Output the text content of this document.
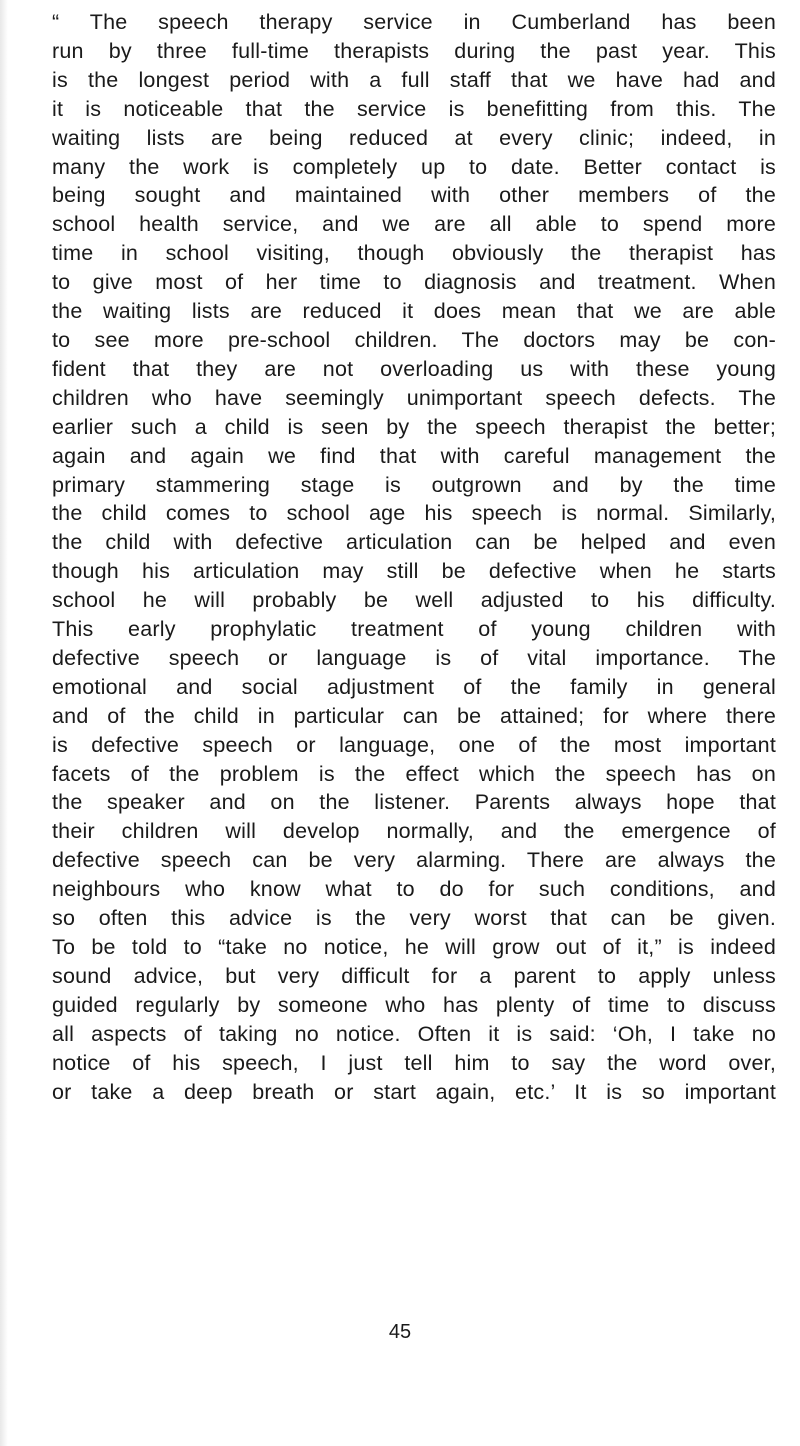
“ The speech therapy service in Cumberland has been
run by three full-time therapists during the past year. This
is the longest period with a full staff that we have had and
it is noticeable that the service is benefitting from this. The
waiting lists are being reduced at every clinic; indeed, in
many the work is completely up to date. Better contact is
being sought and maintained with other members of the
school health service, and we are all able to spend more
time in school visiting, though obviously the therapist has
to give most of her time to diagnosis and treatment. When
the waiting lists are reduced it does mean that we are able
to see more pre-school children. The doctors may be con-
fident that they are not overloading us with these young
children who have seemingly unimportant speech defects. The
earlier such a child is seen by the speech therapist the better;
again and again we find that with careful management the
primary stammering stage is outgrown and by the time
the child comes to school age his speech is normal. Similarly,
the child with defective articulation can be helped and even
though his articulation may still be defective when he starts
school he will probably be well adjusted to his difficulty.
This early prophylatic treatment of young children with
defective speech or language is of vital importance. The
emotional and social adjustment of the family in general
and of the child in particular can be attained; for where there
is defective speech or language, one of the most important
facets of the problem is the effect which the speech has on
the speaker and on the listener. Parents always hope that
their children will develop normally, and the emergence of
defective speech can be very alarming. There are always the
neighbours who know what to do for such conditions, and
so often this advice is the very worst that can be given.
To be told to “take no notice, he will grow out of it,” is indeed
sound advice, but very difficult for a parent to apply unless
guided regularly by someone who has plenty of time to discuss
all aspects of taking no notice. Often it is said: ‘Oh, I take no
notice of his speech, I just tell him to say the word over,
or take a deep breath or start again, etc.’ It is so important
45
